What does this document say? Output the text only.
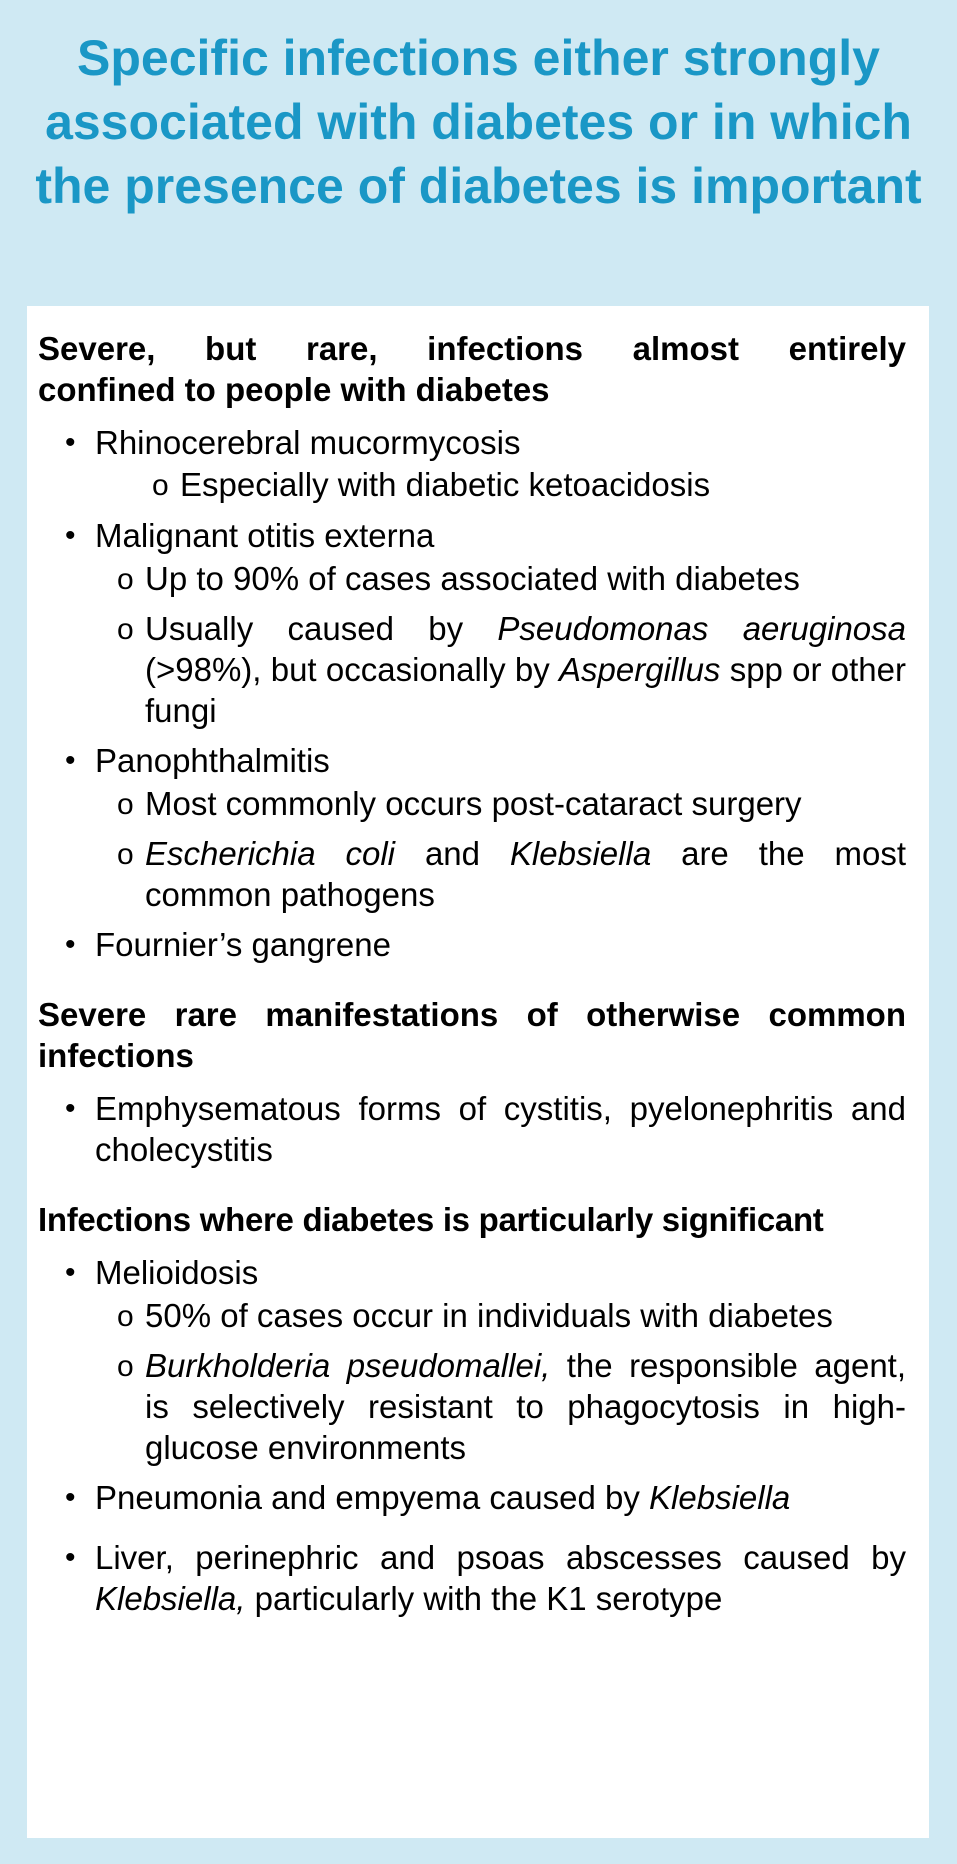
Specific infections either strongly associated with diabetes or in which the presence of diabetes is important

Severe, but rare, infections almost entirely
confined to people with diabetes

• Rhinocerebral mucormycosis
o Especially with diabetic ketoacidosis
• Malignant otitis externa
o Up to 90% of cases associated with diabetes
o Usually caused by Pseudomonas aeruginosa (>98%), but occasionally by Aspergillus spp or other fungi
• Panophthalmitis
o Most commonly occurs post-cataract surgery
o Escherichia coli and Klebsiella are the most common pathogens
• Fournier’s gangrene

Severe rare manifestations of otherwise common
infections

• Emphysematous forms of cystitis, pyelonephritis and cholecystitis

Infections where diabetes is particularly significant

• Melioidosis
o 50% of cases occur in individuals with diabetes
o Burkholderia pseudomallei, the responsible agent, is selectively resistant to phagocytosis in high-glucose environments
• Pneumonia and empyema caused by Klebsiella
• Liver, perinephric and psoas abscesses caused by Klebsiella, particularly with the K1 serotype
